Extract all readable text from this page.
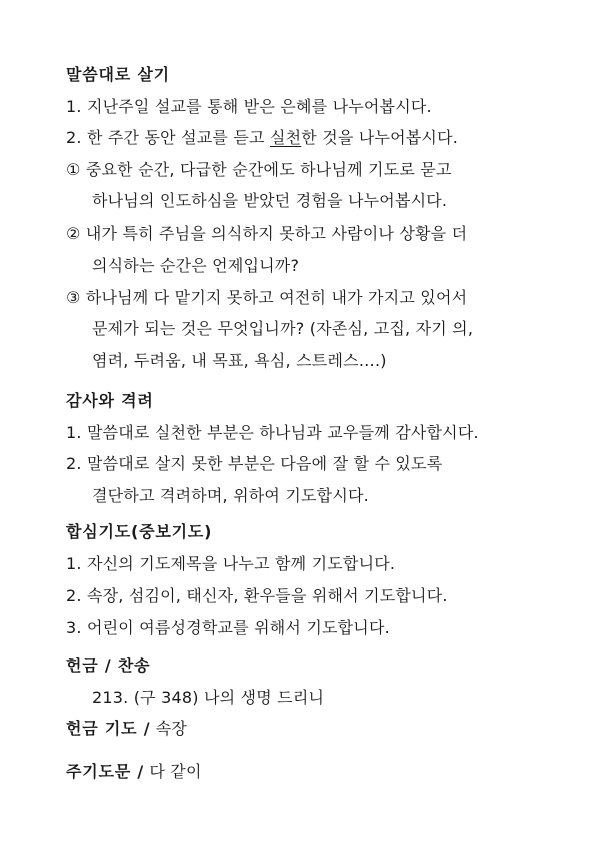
말씀대로 살기
1. 지난주일 설교를 통해 받은 은혜를 나누어봅시다.
2. 한 주간 동안 설교를 듣고 실천한 것을 나누어봅시다.
① 중요한 순간, 다급한 순간에도 하나님께 기도로 묻고
하나님의 인도하심을 받았던 경험을 나누어봅시다.
② 내가 특히 주님을 의식하지 못하고 사람이나 상황을 더
의식하는 순간은 언제입니까?
③ 하나님께 다 맡기지 못하고 여전히 내가 가지고 있어서
문제가 되는 것은 무엇입니까? (자존심, 고집, 자기 의,
염려, 두려움, 내 목표, 욕심, 스트레스….)
감사와 격려
1. 말씀대로 실천한 부분은 하나님과 교우들께 감사합시다.
2. 말씀대로 살지 못한 부분은 다음에 잘 할 수 있도록
결단하고 격려하며, 위하여 기도합시다.
합심기도(중보기도)
1. 자신의 기도제목을 나누고 함께 기도합니다.
2. 속장, 섬김이, 태신자, 환우들을 위해서 기도합니다.
3. 어린이 여름성경학교를 위해서 기도합니다.
헌금 / 찬송
213. (구 348) 나의 생명 드리니
헌금 기도 / 속장
주기도문 / 다 같이
